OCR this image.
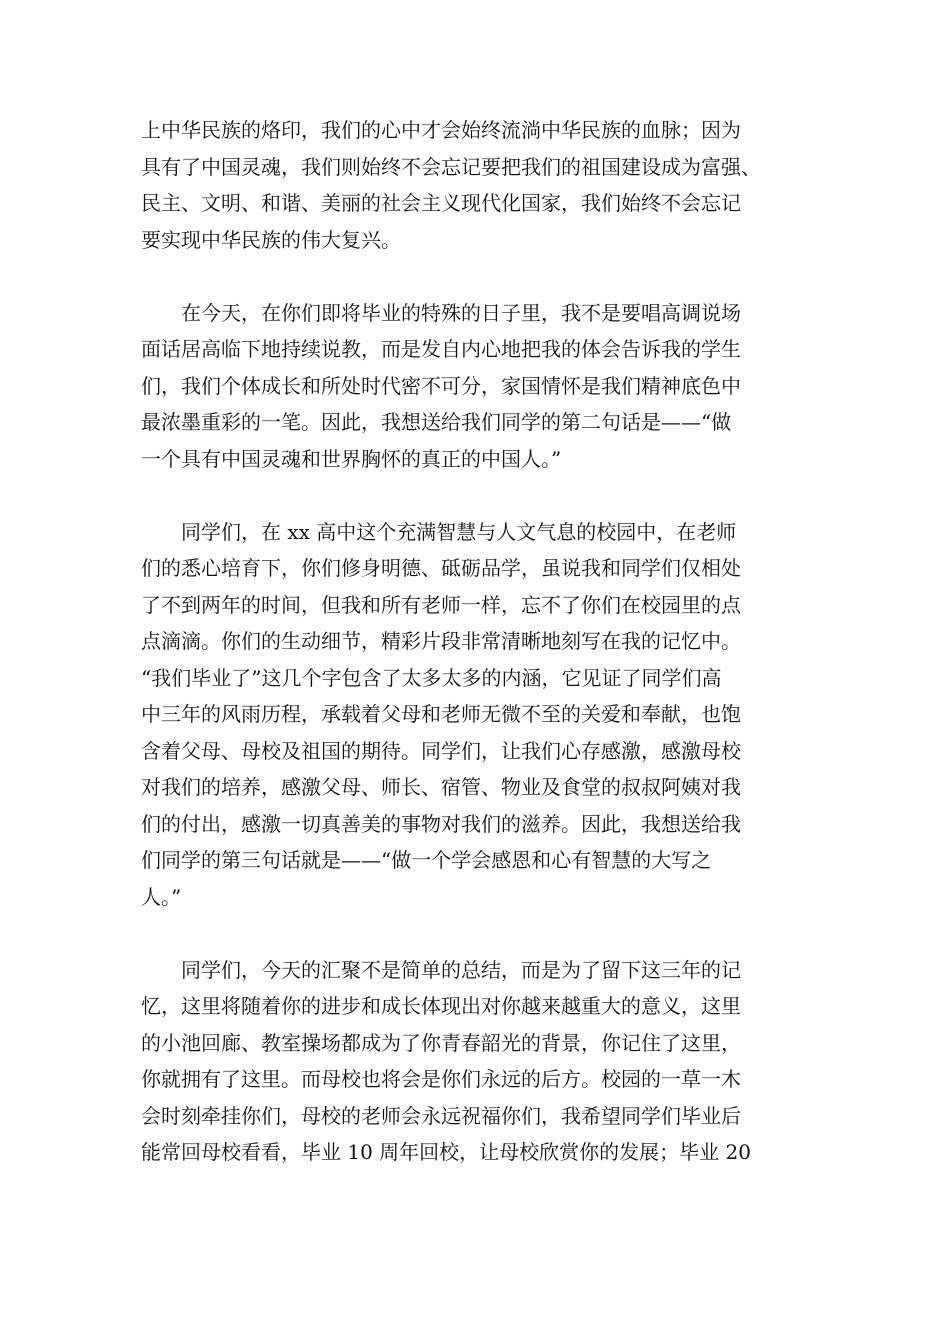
上中华民族的烙印，我们的心中才会始终流淌中华民族的血脉；因为
具有了中国灵魂，我们则始终不会忘记要把我们的祖国建设成为富强、
民主、文明、和谐、美丽的社会主义现代化国家，我们始终不会忘记
要实现中华民族的伟大复兴。
　　在今天，在你们即将毕业的特殊的日子里，我不是要唱高调说场
面话居高临下地持续说教，而是发自内心地把我的体会告诉我的学生
们，我们个体成长和所处时代密不可分，家国情怀是我们精神底色中
最浓墨重彩的一笔。因此，我想送给我们同学的第二句话是——“做
一个具有中国灵魂和世界胸怀的真正的中国人。”
　　同学们，在 xx 高中这个充满智慧与人文气息的校园中，在老师
们的悉心培育下，你们修身明德、砥砺品学，虽说我和同学们仅相处
了不到两年的时间，但我和所有老师一样，忘不了你们在校园里的点
点滴滴。你们的生动细节，精彩片段非常清晰地刻写在我的记忆中。
“我们毕业了”这几个字包含了太多太多的内涵，它见证了同学们高
中三年的风雨历程，承载着父母和老师无微不至的关爱和奉献，也饱
含着父母、母校及祖国的期待。同学们，让我们心存感激，感激母校
对我们的培养，感激父母、师长、宿管、物业及食堂的叔叔阿姨对我
们的付出，感激一切真善美的事物对我们的滋养。因此，我想送给我
们同学的第三句话就是——“做一个学会感恩和心有智慧的大写之
人。”
　　同学们，今天的汇聚不是简单的总结，而是为了留下这三年的记
忆，这里将随着你的进步和成长体现出对你越来越重大的意义，这里
的小池回廊、教室操场都成为了你青春韶光的背景，你记住了这里，
你就拥有了这里。而母校也将会是你们永远的后方。校园的一草一木
会时刻牵挂你们，母校的老师会永远祝福你们，我希望同学们毕业后
能常回母校看看，毕业 10 周年回校，让母校欣赏你的发展；毕业 20
